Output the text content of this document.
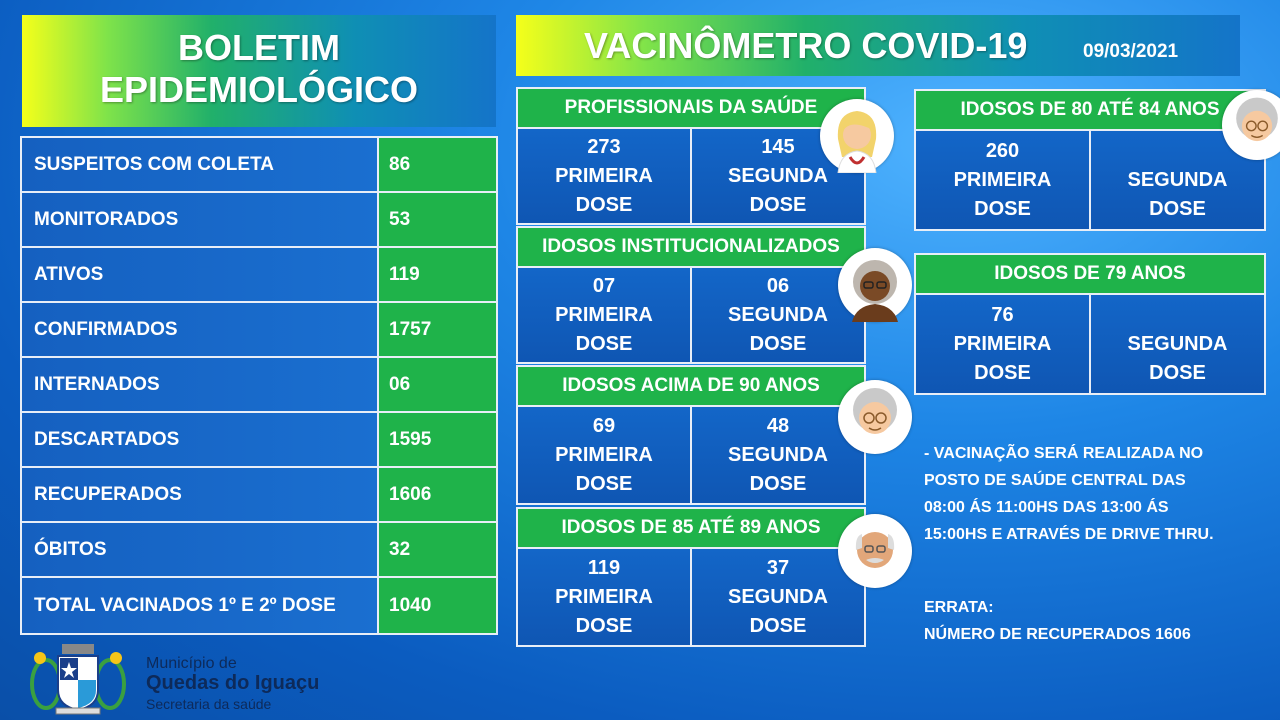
BOLETIM
EPIDEMIOLÓGICO
VACINÔMETRO COVID-19	09/03/2021
SUSPEITOS COM COLETA	86
MONITORADOS	53
ATIVOS	119
CONFIRMADOS	1757
INTERNADOS	06
DESCARTADOS	1595
RECUPERADOS	1606
ÓBITOS	32
TOTAL VACINADOS 1º E 2º DOSE	1040
PROFISSIONAIS DA SAÚDE
273
PRIMEIRA
DOSE
145
SEGUNDA
DOSE
IDOSOS INSTITUCIONALIZADOS
07
PRIMEIRA
DOSE
06
SEGUNDA
DOSE
IDOSOS ACIMA DE 90 ANOS
69
PRIMEIRA
DOSE
48
SEGUNDA
DOSE
IDOSOS DE 85 ATÉ 89 ANOS
119
PRIMEIRA
DOSE
37
SEGUNDA
DOSE
IDOSOS DE 80 ATÉ 84 ANOS
260
PRIMEIRA
DOSE
SEGUNDA
DOSE
IDOSOS DE 79 ANOS
76
PRIMEIRA
DOSE
SEGUNDA
DOSE
- VACINAÇÃO SERÁ REALIZADA NO
POSTO DE SAÚDE CENTRAL DAS
08:00 ÁS 11:00HS DAS 13:00 ÁS
15:00HS E ATRAVÉS DE DRIVE THRU.
ERRATA:
NÚMERO DE RECUPERADOS 1606
Município de
Quedas do Iguaçu
Secretaria da saúde
